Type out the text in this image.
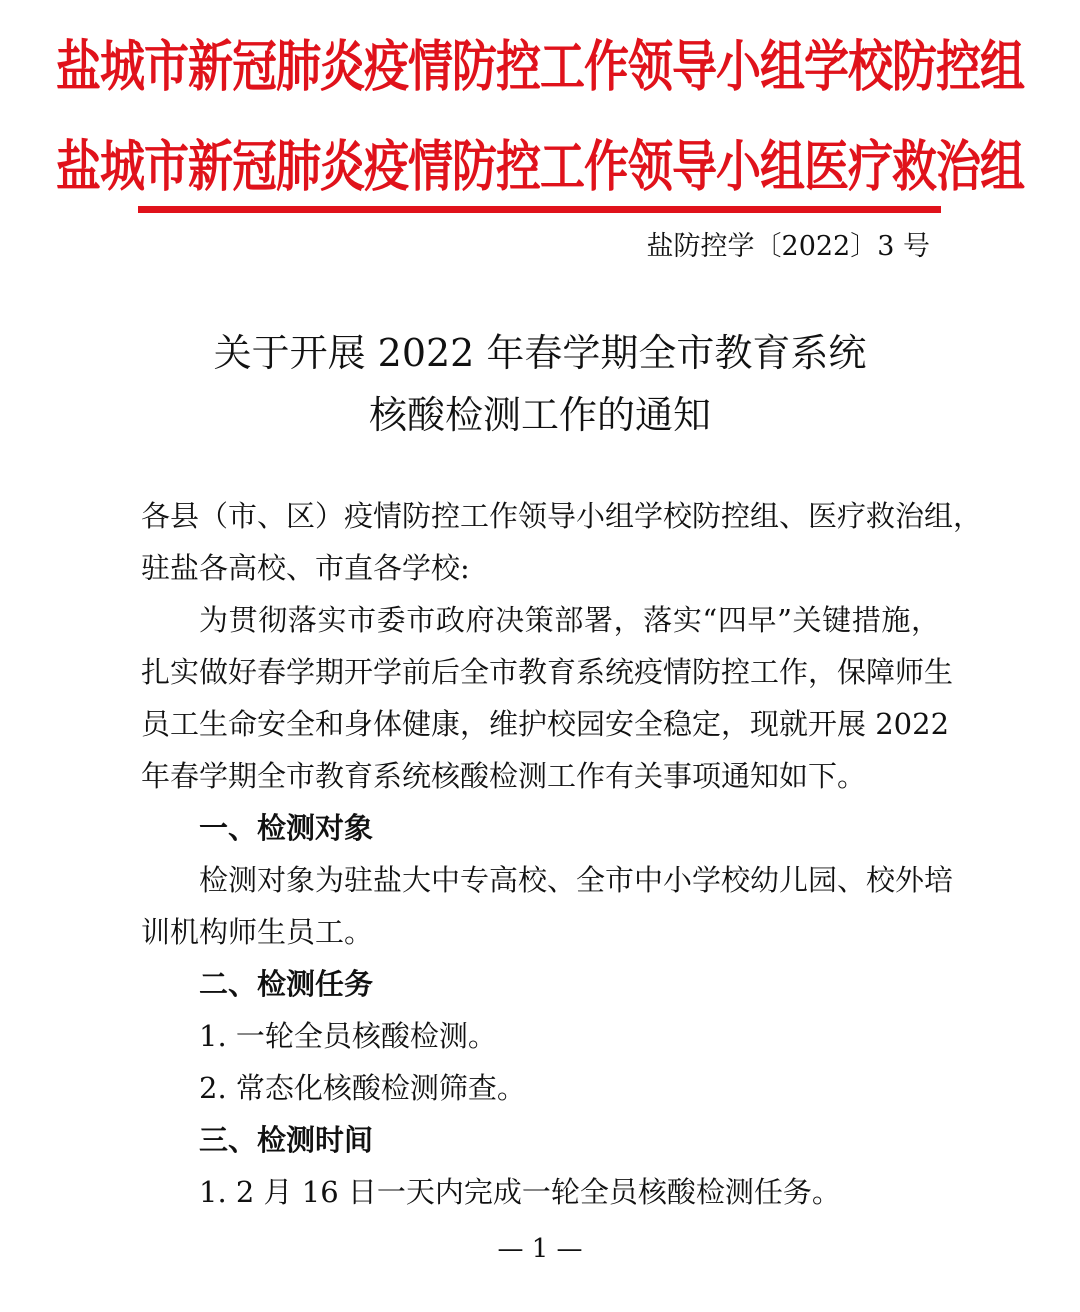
盐城市新冠肺炎疫情防控工作领导小组学校防控组
盐城市新冠肺炎疫情防控工作领导小组医疗救治组
盐防控学〔2022〕3 号
关于开展 2022 年春学期全市教育系统
核酸检测工作的通知
各县（市、区）疫情防控工作领导小组学校防控组、医疗救治组，
驻盐各高校、市直各学校:
为贯彻落实市委市政府决策部署，落实“四早”关键措施，
扎实做好春学期开学前后全市教育系统疫情防控工作，保障师生
员工生命安全和身体健康，维护校园安全稳定，现就开展 2022
年春学期全市教育系统核酸检测工作有关事项通知如下。
一、检测对象
检测对象为驻盐大中专高校、全市中小学校幼儿园、校外培
训机构师生员工。
二、检测任务
1. 一轮全员核酸检测。
2. 常态化核酸检测筛查。
三、检测时间
1. 2 月 16 日一天内完成一轮全员核酸检测任务。
— 1 —
